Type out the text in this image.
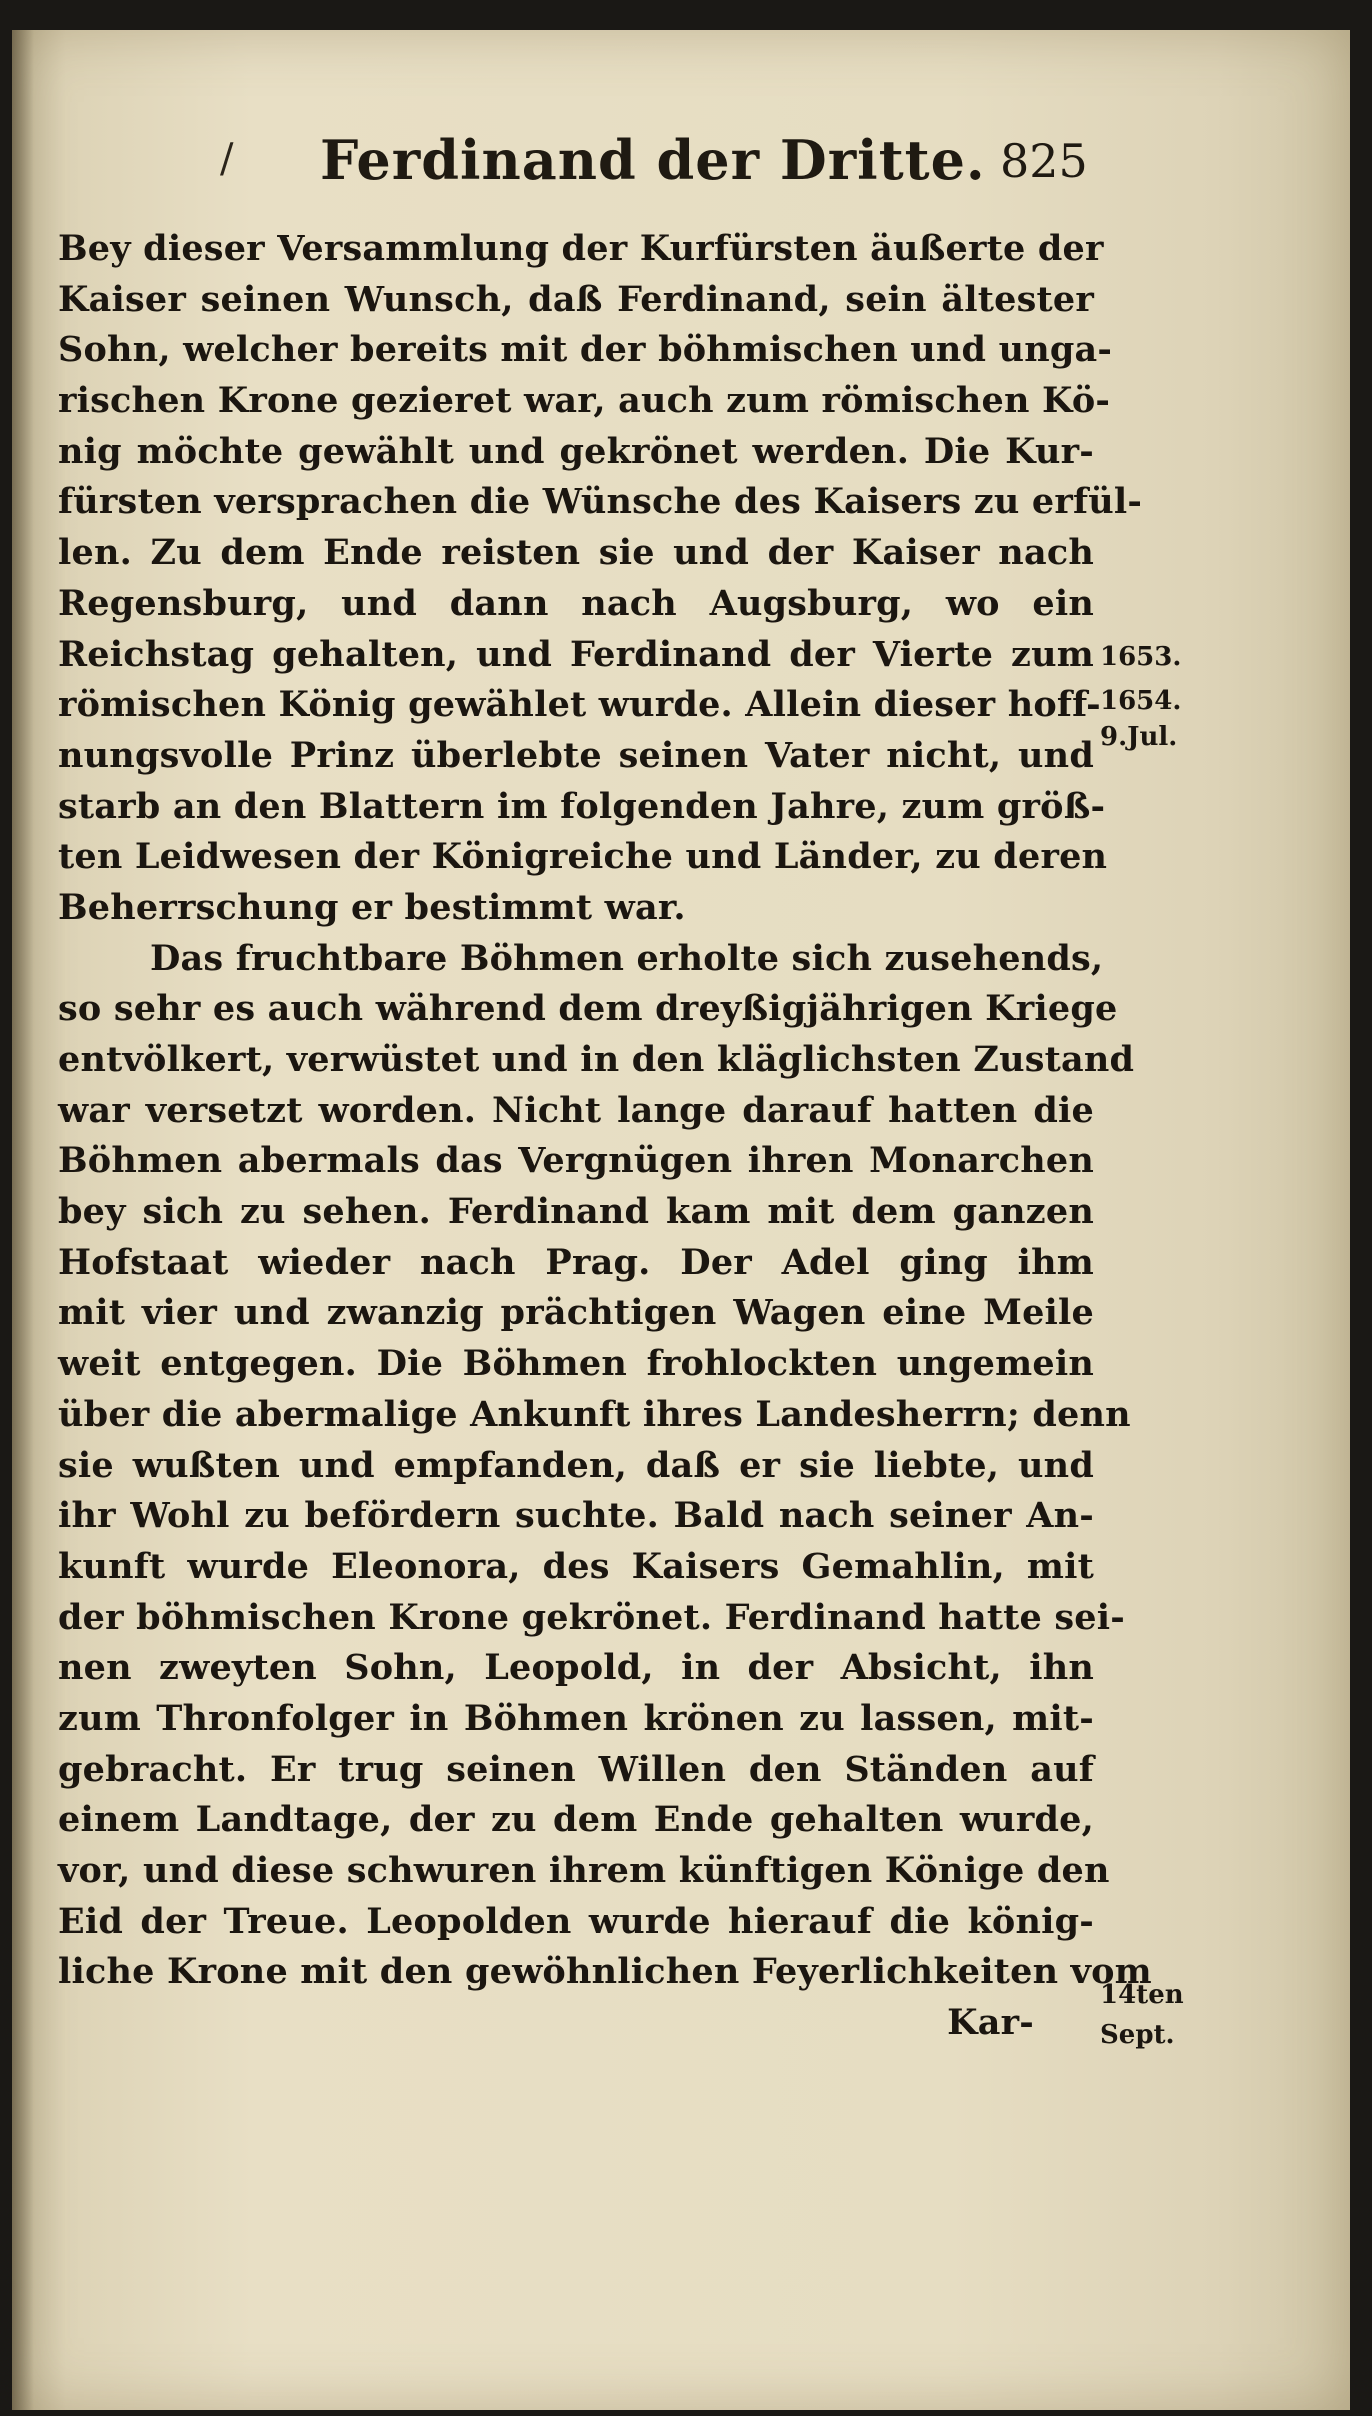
/ Ferdinand der Dritte. 825
Bey dieser Versammlung der Kurfürsten äußerte der
Kaiser seinen Wunsch, daß Ferdinand, sein ältester
Sohn, welcher bereits mit der böhmischen und unga-
rischen Krone gezieret war, auch zum römischen Kö-
nig möchte gewählt und gekrönet werden. Die Kur-
fürsten versprachen die Wünsche des Kaisers zu erfül-
len. Zu dem Ende reisten sie und der Kaiser nach
Regensburg, und dann nach Augsburg, wo ein
Reichstag gehalten, und Ferdinand der Vierte zum
römischen König gewählet wurde. Allein dieser hoff-
nungsvolle Prinz überlebte seinen Vater nicht, und
starb an den Blattern im folgenden Jahre, zum größ-
ten Leidwesen der Königreiche und Länder, zu deren
Beherrschung er bestimmt war.
Das fruchtbare Böhmen erholte sich zusehends,
so sehr es auch während dem dreyßigjährigen Kriege
entvölkert, verwüstet und in den kläglichsten Zustand
war versetzt worden. Nicht lange darauf hatten die
Böhmen abermals das Vergnügen ihren Monarchen
bey sich zu sehen. Ferdinand kam mit dem ganzen
Hofstaat wieder nach Prag. Der Adel ging ihm
mit vier und zwanzig prächtigen Wagen eine Meile
weit entgegen. Die Böhmen frohlockten ungemein
über die abermalige Ankunft ihres Landesherrn; denn
sie wußten und empfanden, daß er sie liebte, und
ihr Wohl zu befördern suchte. Bald nach seiner An-
kunft wurde Eleonora, des Kaisers Gemahlin, mit
der böhmischen Krone gekrönet. Ferdinand hatte sei-
nen zweyten Sohn, Leopold, in der Absicht, ihn
zum Thronfolger in Böhmen krönen zu lassen, mit-
gebracht. Er trug seinen Willen den Ständen auf
einem Landtage, der zu dem Ende gehalten wurde,
vor, und diese schwuren ihrem künftigen Könige den
Eid der Treue. Leopolden wurde hierauf die könig-
liche Krone mit den gewöhnlichen Feyerlichkeiten vom
Kar-
1653.
1654.
9.Jul.
14ten
Sept.
